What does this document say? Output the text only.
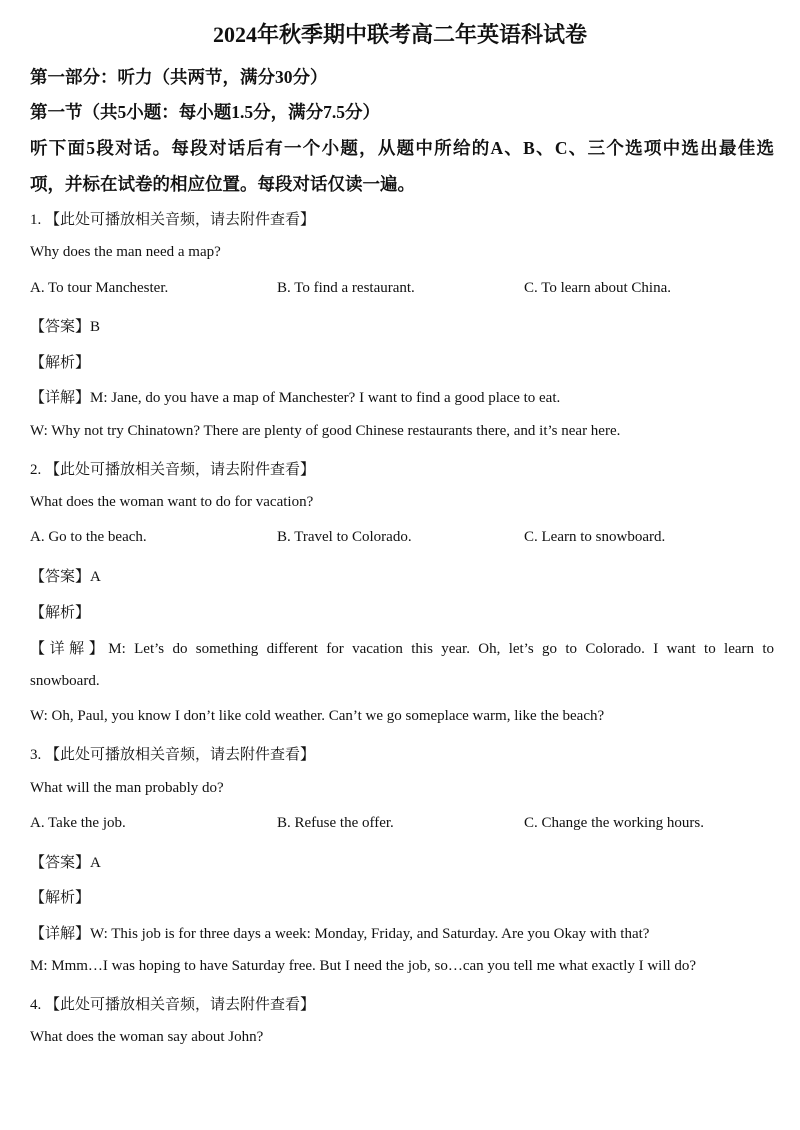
2024年秋季期中联考高二年英语科试卷
第一部分：听力（共两节，满分30分）
第一节（共5小题：每小题1.5分，满分7.5分）
听下面5段对话。每段对话后有一个小题，从题中所给的A、B、C、三个选项中选出最佳选
项，并标在试卷的相应位置。每段对话仅读一遍。
1. 【此处可播放相关音频，请去附件查看】
Why does the man need a map?
A. To tour Manchester.	B. To find a restaurant.	C. To learn about China.
【答案】B
【解析】
【详解】M: Jane, do you have a map of Manchester? I want to find a good place to eat.
W: Why not try Chinatown? There are plenty of good Chinese restaurants there, and it’s near here.
2. 【此处可播放相关音频，请去附件查看】
What does the woman want to do for vacation?
A. Go to the beach.	B. Travel to Colorado.	C. Learn to snowboard.
【答案】A
【解析】
【详解】M: Let’s do something different for vacation this year. Oh, let’s go to Colorado. I want to learn to
snowboard.
W: Oh, Paul, you know I don’t like cold weather. Can’t we go someplace warm, like the beach?
3. 【此处可播放相关音频，请去附件查看】
What will the man probably do?
A. Take the job.	B. Refuse the offer.	C. Change the working hours.
【答案】A
【解析】
【详解】W: This job is for three days a week: Monday, Friday, and Saturday. Are you Okay with that?
M: Mmm…I was hoping to have Saturday free. But I need the job, so…can you tell me what exactly I will do?
4. 【此处可播放相关音频，请去附件查看】
What does the woman say about John?
